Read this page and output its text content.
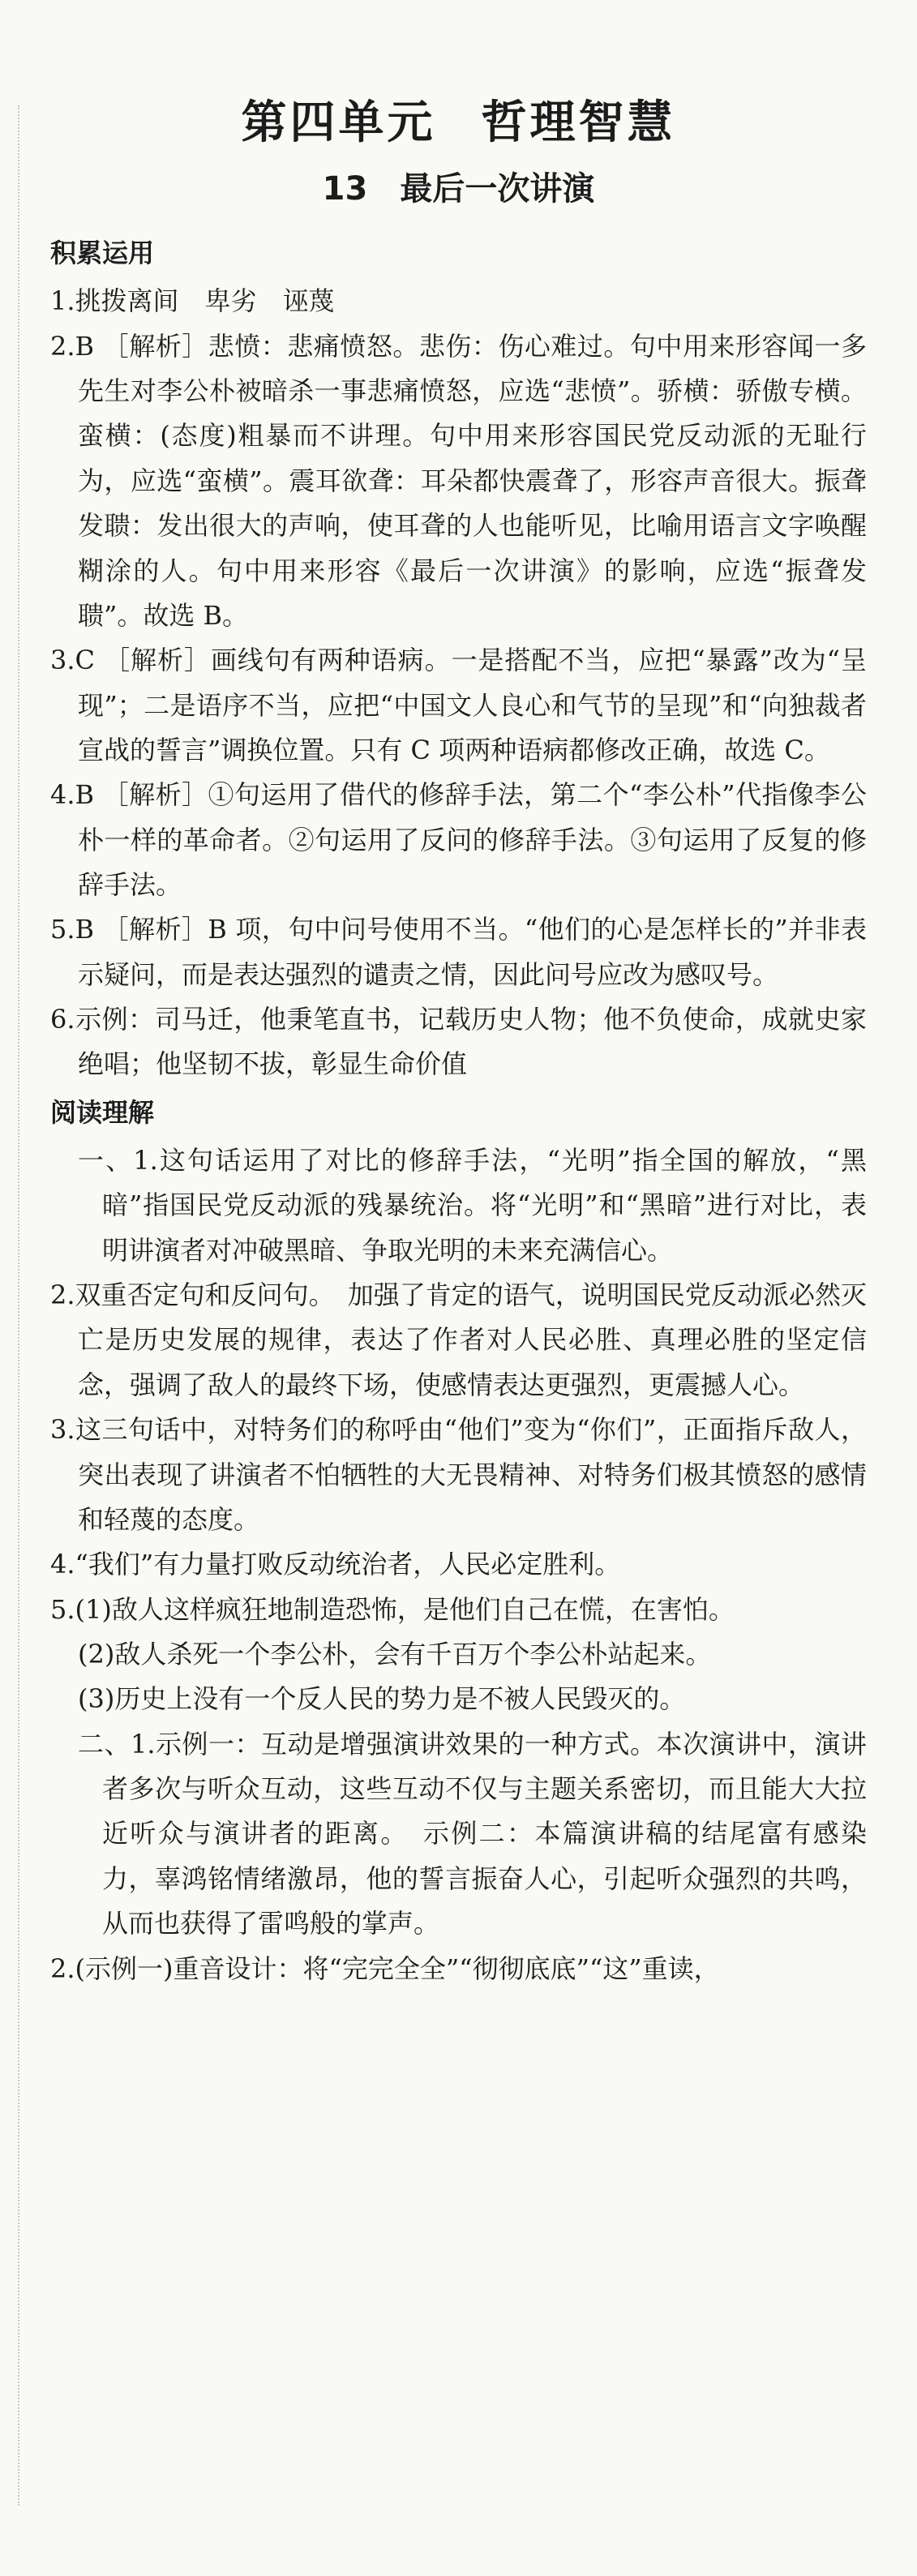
第四单元 哲理智慧
13 最后一次讲演
积累运用
1.挑拨离间　卑劣　诬蔑
2.B ［解析］悲愤：悲痛愤怒。悲伤：伤心难过。句中用来形容闻一多先生对李公朴被暗杀一事悲痛愤怒，应选“悲愤”。骄横：骄傲专横。蛮横：(态度)粗暴而不讲理。句中用来形容国民党反动派的无耻行为，应选“蛮横”。震耳欲聋：耳朵都快震聋了，形容声音很大。振聋发聩：发出很大的声响，使耳聋的人也能听见，比喻用语言文字唤醒糊涂的人。句中用来形容《最后一次讲演》的影响，应选“振聋发聩”。故选 B。
3.C ［解析］画线句有两种语病。一是搭配不当，应把“暴露”改为“呈现”；二是语序不当，应把“中国文人良心和气节的呈现”和“向独裁者宣战的誓言”调换位置。只有 C 项两种语病都修改正确，故选 C。
4.B ［解析］①句运用了借代的修辞手法，第二个“李公朴”代指像李公朴一样的革命者。②句运用了反问的修辞手法。③句运用了反复的修辞手法。
5.B ［解析］B 项，句中问号使用不当。“他们的心是怎样长的”并非表示疑问，而是表达强烈的谴责之情，因此问号应改为感叹号。
6.示例：司马迁，他秉笔直书，记载历史人物；他不负使命，成就史家绝唱；他坚韧不拔，彰显生命价值
阅读理解
一、1.这句话运用了对比的修辞手法，“光明”指全国的解放，“黑暗”指国民党反动派的残暴统治。将“光明”和“黑暗”进行对比，表明讲演者对冲破黑暗、争取光明的未来充满信心。
2.双重否定句和反问句。　加强了肯定的语气，说明国民党反动派必然灭亡是历史发展的规律，表达了作者对人民必胜、真理必胜的坚定信念，强调了敌人的最终下场，使感情表达更强烈，更震撼人心。
3.这三句话中，对特务们的称呼由“他们”变为“你们”，正面指斥敌人，突出表现了讲演者不怕牺牲的大无畏精神、对特务们极其愤怒的感情和轻蔑的态度。
4.“我们”有力量打败反动统治者，人民必定胜利。
5.(1)敌人这样疯狂地制造恐怖，是他们自己在慌，在害怕。
(2)敌人杀死一个李公朴，会有千百万个李公朴站起来。
(3)历史上没有一个反人民的势力是不被人民毁灭的。
二、1.示例一：互动是增强演讲效果的一种方式。本次演讲中，演讲者多次与听众互动，这些互动不仅与主题关系密切，而且能大大拉近听众与演讲者的距离。　示例二：本篇演讲稿的结尾富有感染力，辜鸿铭情绪激昂，他的誓言振奋人心，引起听众强烈的共鸣，从而也获得了雷鸣般的掌声。
2.(示例一)重音设计：将“完完全全”“彻彻底底”“这”重读，
